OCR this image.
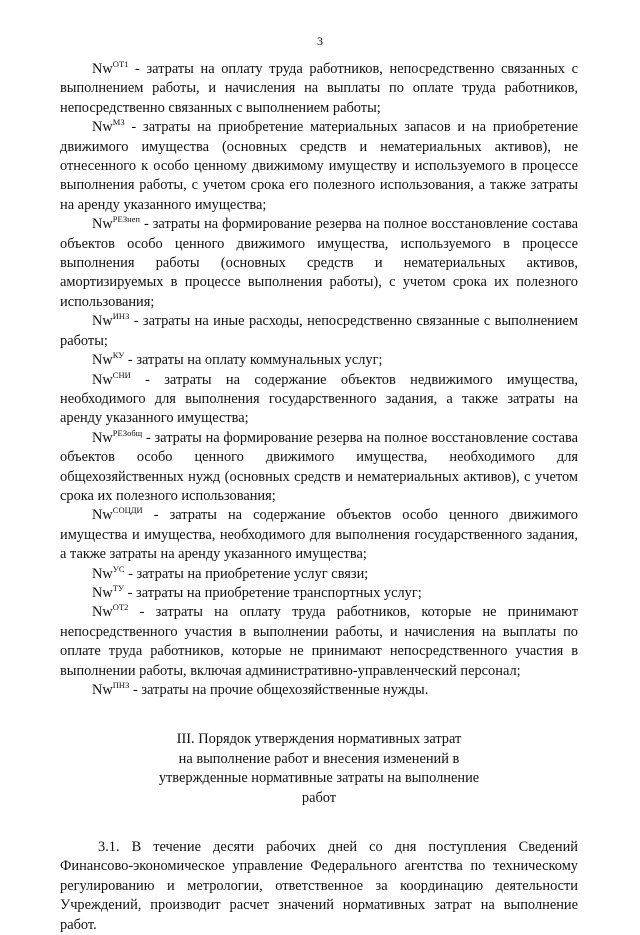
3

$Nw^{ОТ1}$ - затраты на оплату труда работников, непосредственно связанных с выполнением работы, и начисления на выплаты по оплате труда работников, непосредственно связанных с выполнением работы;

$Nw^{МЗ}$ - затраты на приобретение материальных запасов и на приобретение движимого имущества (основных средств и нематериальных активов), не отнесенного к особо ценному движимому имуществу и используемого в процессе выполнения работы, с учетом срока его полезного использования, а также затраты на аренду указанного имущества;

$Nw^{РЕЗнеп}$ - затраты на формирование резерва на полное восстановление состава объектов особо ценного движимого имущества, используемого в процессе выполнения работы (основных средств и нематериальных активов, амортизируемых в процессе выполнения работы), с учетом срока их полезного использования;

$Nw^{ИНЗ}$ - затраты на иные расходы, непосредственно связанные с выполнением работы;

$Nw^{КУ}$ - затраты на оплату коммунальных услуг;

$Nw^{СНИ}$ - затраты на содержание объектов недвижимого имущества, необходимого для выполнения государственного задания, а также затраты на аренду указанного имущества;

$Nw^{РЕЗобщ}$ - затраты на формирование резерва на полное восстановление состава объектов особо ценного движимого имущества, необходимого для общехозяйственных нужд (основных средств и нематериальных активов), с учетом срока их полезного использования;

$Nw^{СОЦДИ}$ - затраты на содержание объектов особо ценного движимого имущества и имущества, необходимого для выполнения государственного задания, а также затраты на аренду указанного имущества;

$Nw^{УС}$ - затраты на приобретение услуг связи;

$Nw^{ТУ}$ - затраты на приобретение транспортных услуг;

$Nw^{ОТ2}$ - затраты на оплату труда работников, которые не принимают непосредственного участия в выполнении работы, и начисления на выплаты по оплате труда работников, которые не принимают непосредственного участия в выполнении работы, включая административно-управленческий персонал;

$Nw^{ПНЗ}$ - затраты на прочие общехозяйственные нужды.

III. Порядок утверждения нормативных затрат
на выполнение работ и внесения изменений в
утвержденные нормативные затраты на выполнение
работ

3.1. В течение десяти рабочих дней со дня поступления Сведений Финансово-экономическое управление Федерального агентства по техническому регулированию и метрологии, ответственное за координацию деятельности Учреждений, производит расчет значений нормативных затрат на выполнение работ.
